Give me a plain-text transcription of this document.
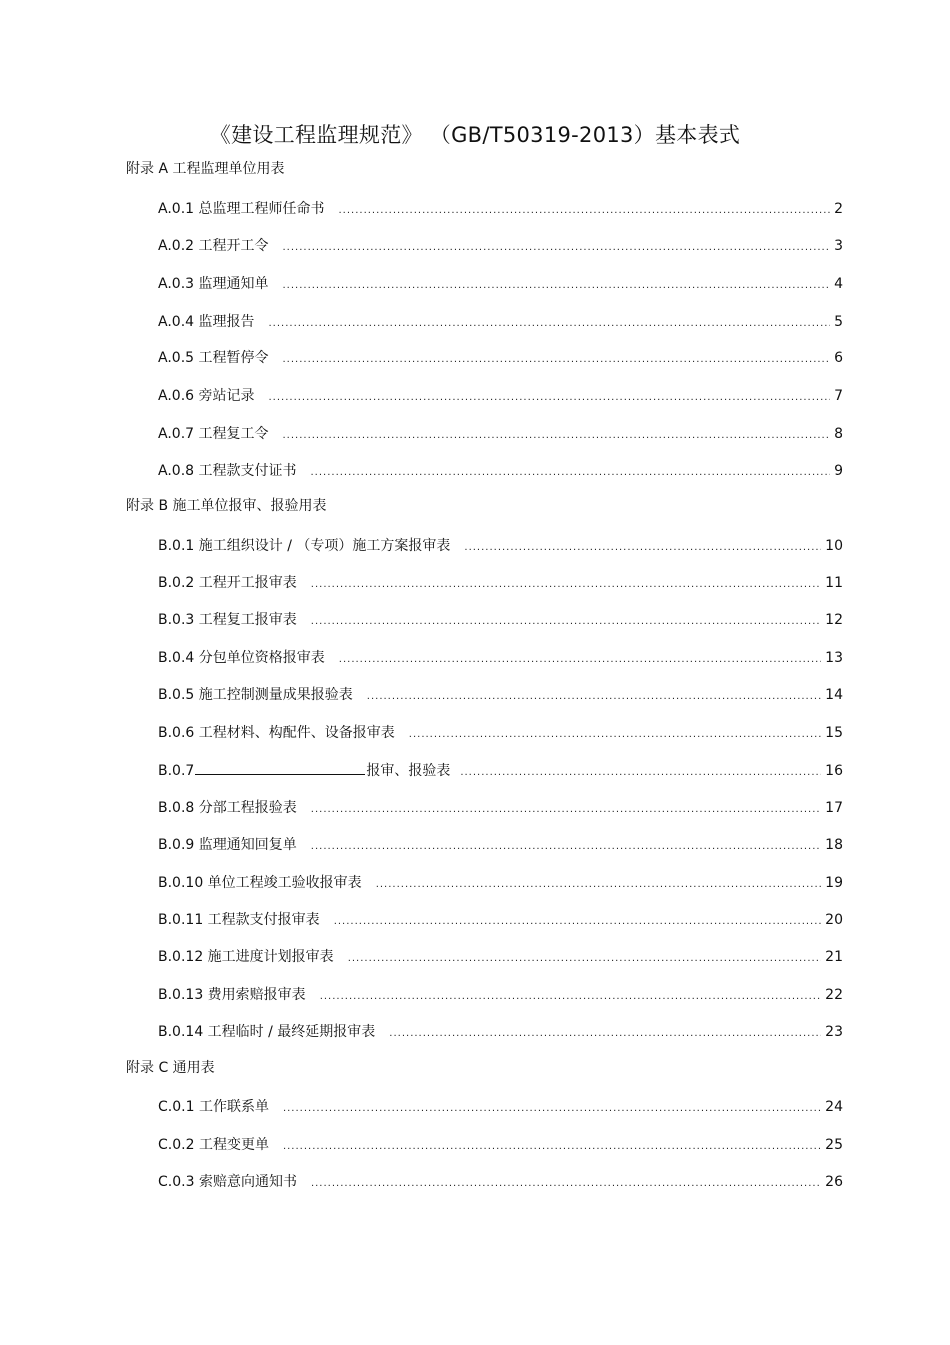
《建设工程监理规范》 （GB/T50319-2013）基本表式
附录 A 工程监理单位用表
A.0.1 总监理工程师任命书 .....	2
A.0.2 工程开工令 .....	3
A.0.3 监理通知单 .....	4
A.0.4 监理报告 .....	5
A.0.5 工程暂停令 .....	6
A.0.6 旁站记录 .....	7
A.0.7 工程复工令 .....	8
A.0.8 工程款支付证书 .....	9
附录 B 施工单位报审、报验用表
B.0.1 施工组织设计 / （专项）施工方案报审表 .....	10
B.0.2 工程开工报审表 .....	11
B.0.3 工程复工报审表 .....	12
B.0.4 分包单位资格报审表 .....	13
B.0.5 施工控制测量成果报验表 .....	14
B.0.6 工程材料、构配件、设备报审表 .....	15
B.0.7	报审、报验表 .....	16
B.0.8 分部工程报验表 .....	17
B.0.9 监理通知回复单 .....	18
B.0.10 单位工程竣工验收报审表 .....	19
B.0.11 工程款支付报审表 .....	20
B.0.12 施工进度计划报审表 .....	21
B.0.13 费用索赔报审表 .....	22
B.0.14 工程临时 / 最终延期报审表 .....	23
附录 C 通用表
C.0.1 工作联系单 .....	24
C.0.2 工程变更单 .....	25
C.0.3 索赔意向通知书 .....	26
